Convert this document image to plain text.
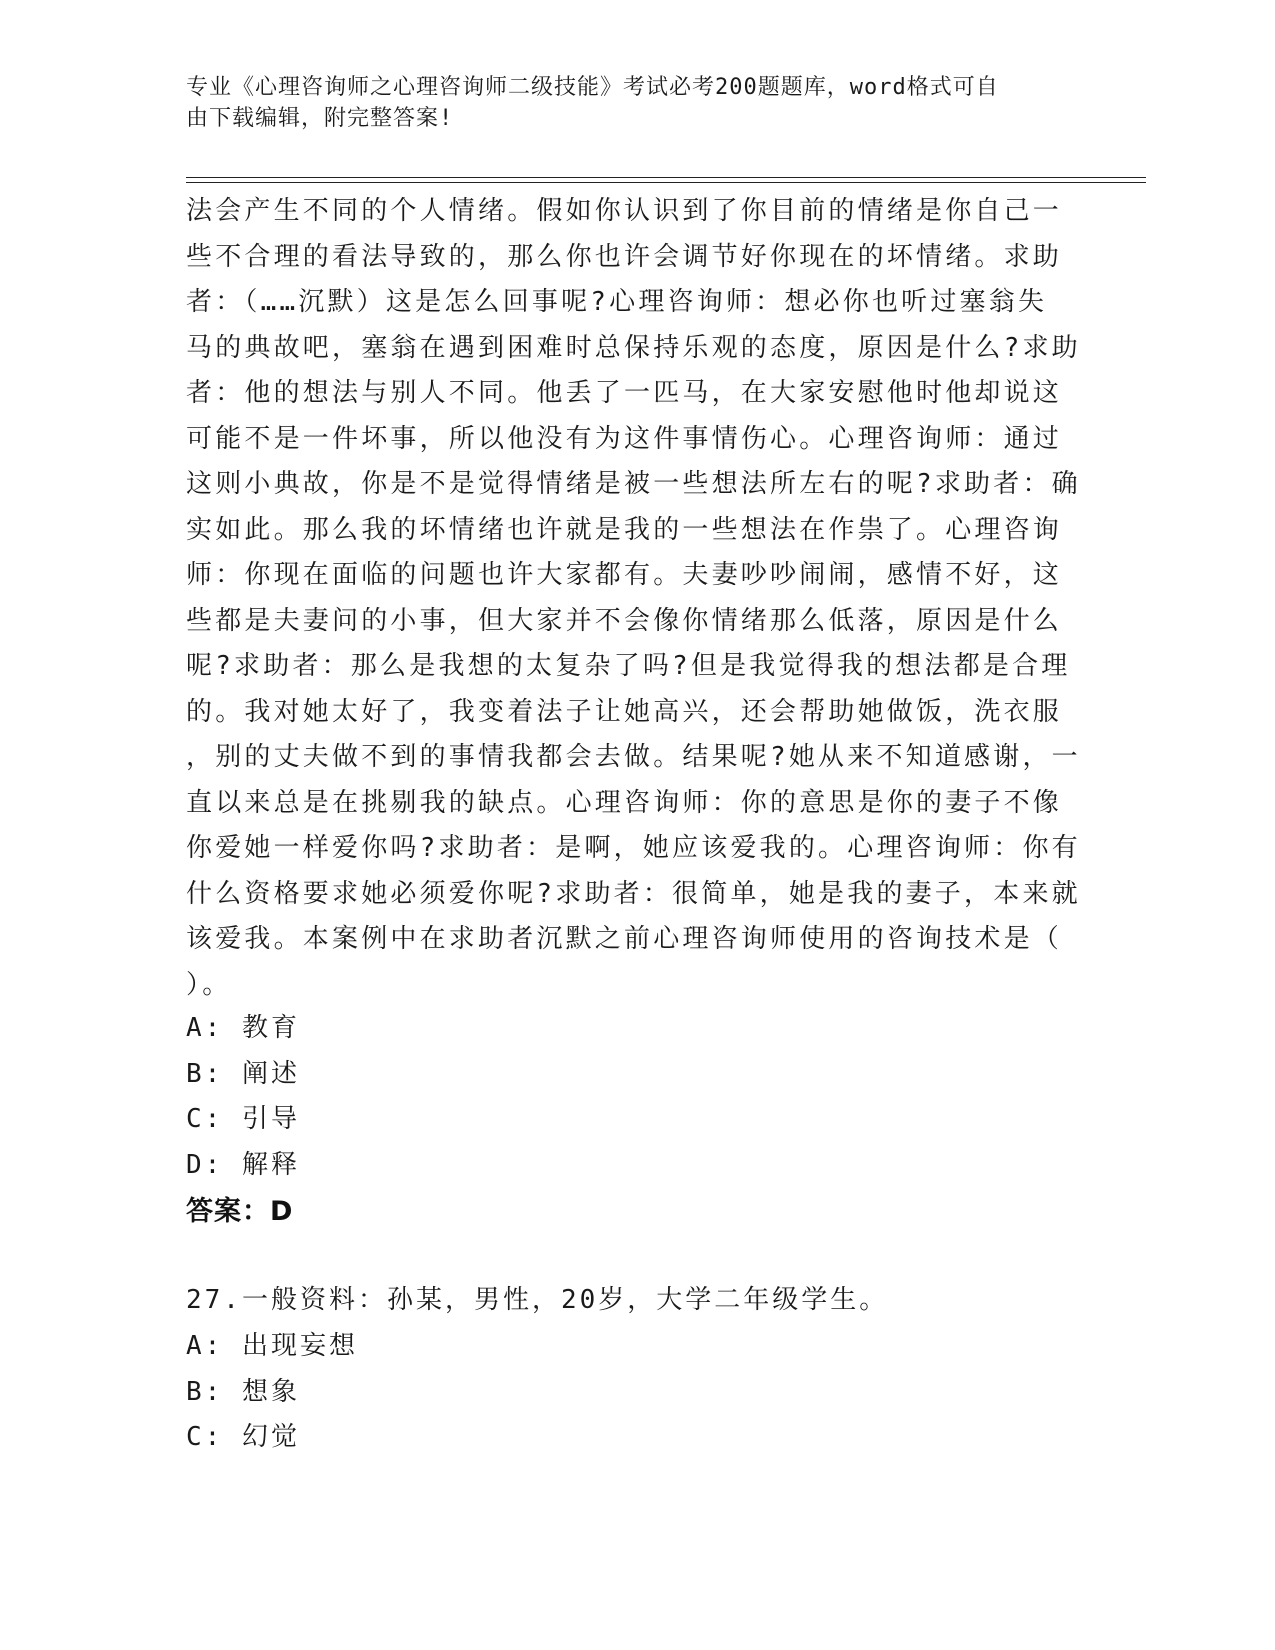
专业《心理咨询师之心理咨询师二级技能》考试必考200题题库，word格式可自
由下载编辑，附完整答案!
法会产生不同的个人情绪。假如你认识到了你目前的情绪是你自己一
些不合理的看法导致的，那么你也许会调节好你现在的坏情绪。求助
者：（……沉默）这是怎么回事呢?心理咨询师：想必你也听过塞翁失
马的典故吧，塞翁在遇到困难时总保持乐观的态度，原因是什么?求助
者：他的想法与别人不同。他丢了一匹马，在大家安慰他时他却说这
可能不是一件坏事，所以他没有为这件事情伤心。心理咨询师：通过
这则小典故，你是不是觉得情绪是被一些想法所左右的呢?求助者：确
实如此。那么我的坏情绪也许就是我的一些想法在作祟了。心理咨询
师：你现在面临的问题也许大家都有。夫妻吵吵闹闹，感情不好，这
些都是夫妻问的小事，但大家并不会像你情绪那么低落，原因是什么
呢?求助者：那么是我想的太复杂了吗?但是我觉得我的想法都是合理
的。我对她太好了，我变着法子让她高兴，还会帮助她做饭，洗衣服
，别的丈夫做不到的事情我都会去做。结果呢?她从来不知道感谢，一
直以来总是在挑剔我的缺点。心理咨询师：你的意思是你的妻子不像
你爱她一样爱你吗?求助者：是啊，她应该爱我的。心理咨询师：你有
什么资格要求她必须爱你呢?求助者：很简单，她是我的妻子，本来就
该爱我。本案例中在求助者沉默之前心理咨询师使用的咨询技术是（
）。
A: 教育
B: 阐述
C: 引导
D: 解释
答案：D
27.一般资料：孙某，男性，20岁，大学二年级学生。
A: 出现妄想
B: 想象
C: 幻觉
